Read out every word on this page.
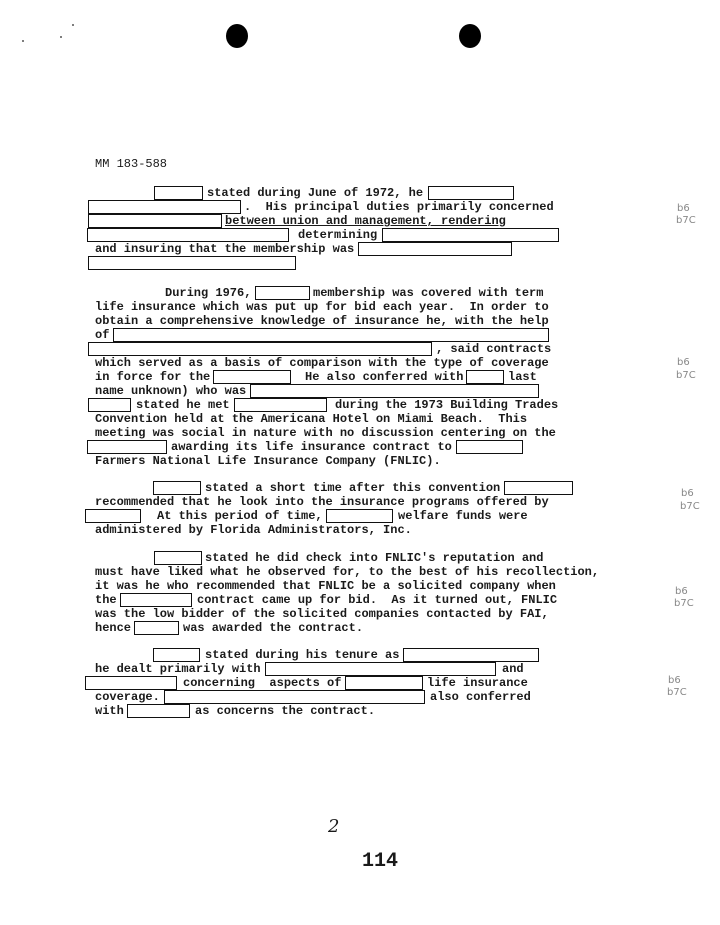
MM 183-588
stated during June of 1972, he
.  His principal duties primarily concerned
between union and management, rendering
determining
and insuring that the membership was
b6
b7C
During 1976,	membership was covered with term
life insurance which was put up for bid each year.  In order to
obtain a comprehensive knowledge of insurance he, with the help
of
, said contracts
which served as a basis of comparison with the type of coverage
in force for the	He also conferred with	last
name unknown) who was
stated he met	during the 1973 Building Trades
Convention held at the Americana Hotel on Miami Beach.  This
meeting was social in nature with no discussion centering on the
awarding its life insurance contract to
Farmers National Life Insurance Company (FNLIC).
b6
b7C
stated a short time after this convention
recommended that he look into the insurance programs offered by
At this period of time,	welfare funds were
administered by Florida Administrators, Inc.
b6
b7C
stated he did check into FNLIC's reputation and
must have liked what he observed for, to the best of his recollection,
it was he who recommended that FNLIC be a solicited company when
the	contract came up for bid.  As it turned out, FNLIC
was the low bidder of the solicited companies contacted by FAI,
hence	was awarded the contract.
b6
b7C
stated during his tenure as
he dealt primarily with	and
concerning  aspects of	life insurance
coverage.	also conferred
with	as concerns the contract.
b6
b7C
2
114
